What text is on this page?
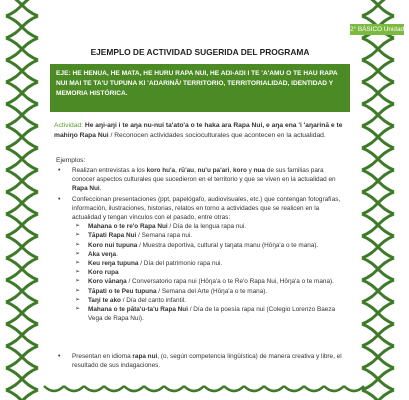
2° BÁSICO Unidad 2
EJEMPLO DE ACTIVIDAD SUGERIDA DEL PROGRAMA
EJE: HE HENUA, HE MATA, HE HURU RAPA NUI, HE AŊI-AŊI I TE 'A'AMU O TE HAU RAPA NUI MAI TE TA'U TUPUNA KI 'AŊARINĀ/ TERRITORIO, TERRITORIALIDAD, IDENTIDAD Y MEMORIA HISTÓRICA.
Actividad: He aŋi-aŋi i te aŋa nu-nui ta'ato'a o te haka ara Rapa Nui, e aŋa ena 'i 'aŋarinā e te mahiŋo Rapa Nui / Reconocen actividades socioculturales que acontecen en la actualidad.
Ejemplos:
• Realizan entrevistas a los koro hu'a, rū'au, nu'u pa'ari, koro y nua de sus familias para conocer aspectos culturales que sucedieron en el territorio y que se viven en la actualidad en Rapa Nui.
• Confeccionan presentaciones (ppt, papelógafo, audiovisuales, etc.) que contengan fotografías, información, ilustraciones, historias, relatos en torno a actividades que se realicen en la actualidad y tengan vínculos con el pasado, entre otras:
➢ Mahana o te re'o Rapa Nui / Día de la lengua rapa nui.
➢ Tāpati Rapa Nui / Semana rapa nui.
➢ Koro nui tupuna / Muestra deportiva, cultural y taŋata manu (Hōŋa'a o te mana).
➢ Aka veŋa.
➢ Keu reŋa tupuna / Día del patrimonio rapa nui.
➢ Koro rupa
➢ Koro vānaŋa / Conversatorio rapa nui (Hōŋa'a o te Re'o Rapa Nui, Hōŋa'a o te mana).
➢ Tāpati o te Peu tupuna / Semana del Arte (Hōŋa'a o te mana).
➢ Taŋi te ako / Día del canto infantil.
➢ Mahana o te pāta'u-ta'u Rapa Nui / Día de la poesía rapa nui (Colegio Lorenzo Baeza Vega de Rapa Nui).
• Presentan en idioma rapa nui, (o, según competencia lingüística) de manera creativa y libre, el resultado de sus indagaciones.
